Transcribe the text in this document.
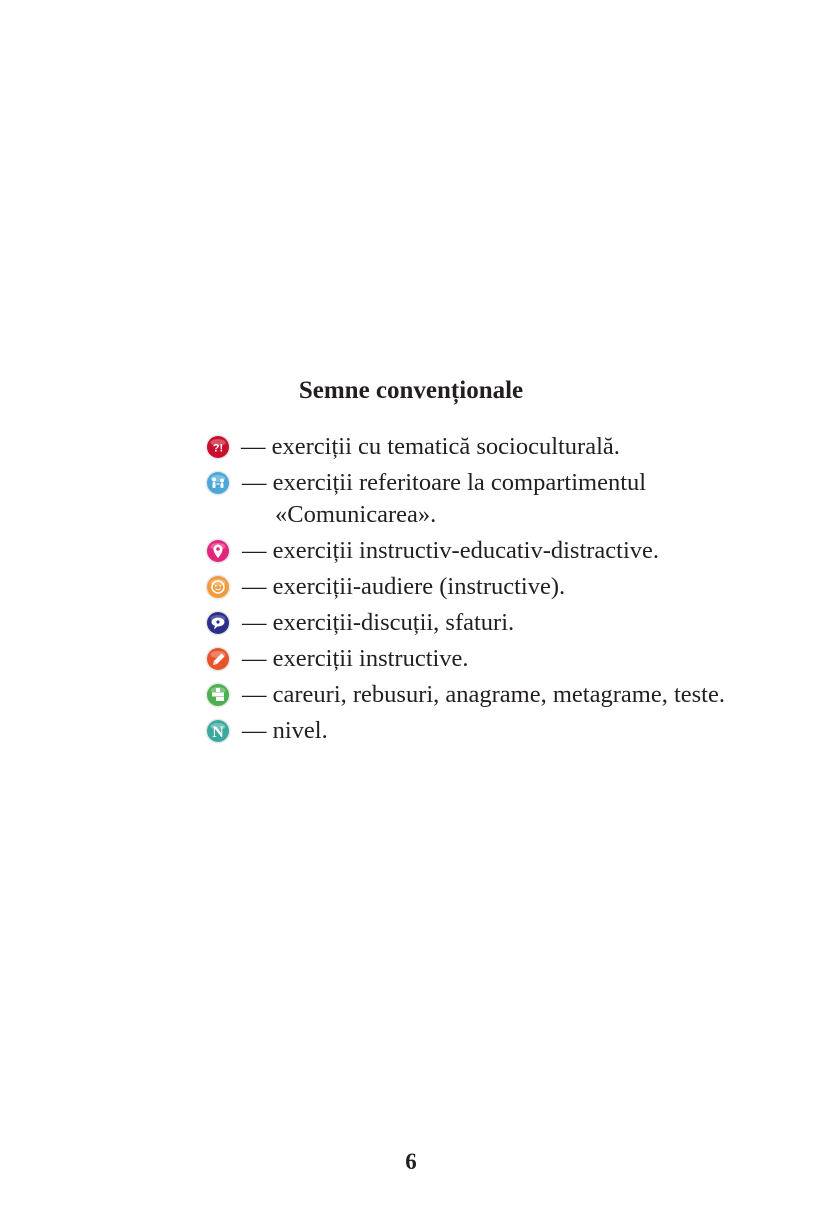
Semne convenționale
?! — exerciții cu tematică socioculturală.
— exerciții referitoare la compartimentul «Comunicarea».
— exerciții instructiv-educativ-distractive.
— exerciții-audiere (instructive).
— exerciții-discuții, sfaturi.
— exerciții instructive.
— careuri, rebusuri, anagrame, metagrame, teste.
N — nivel.
6
